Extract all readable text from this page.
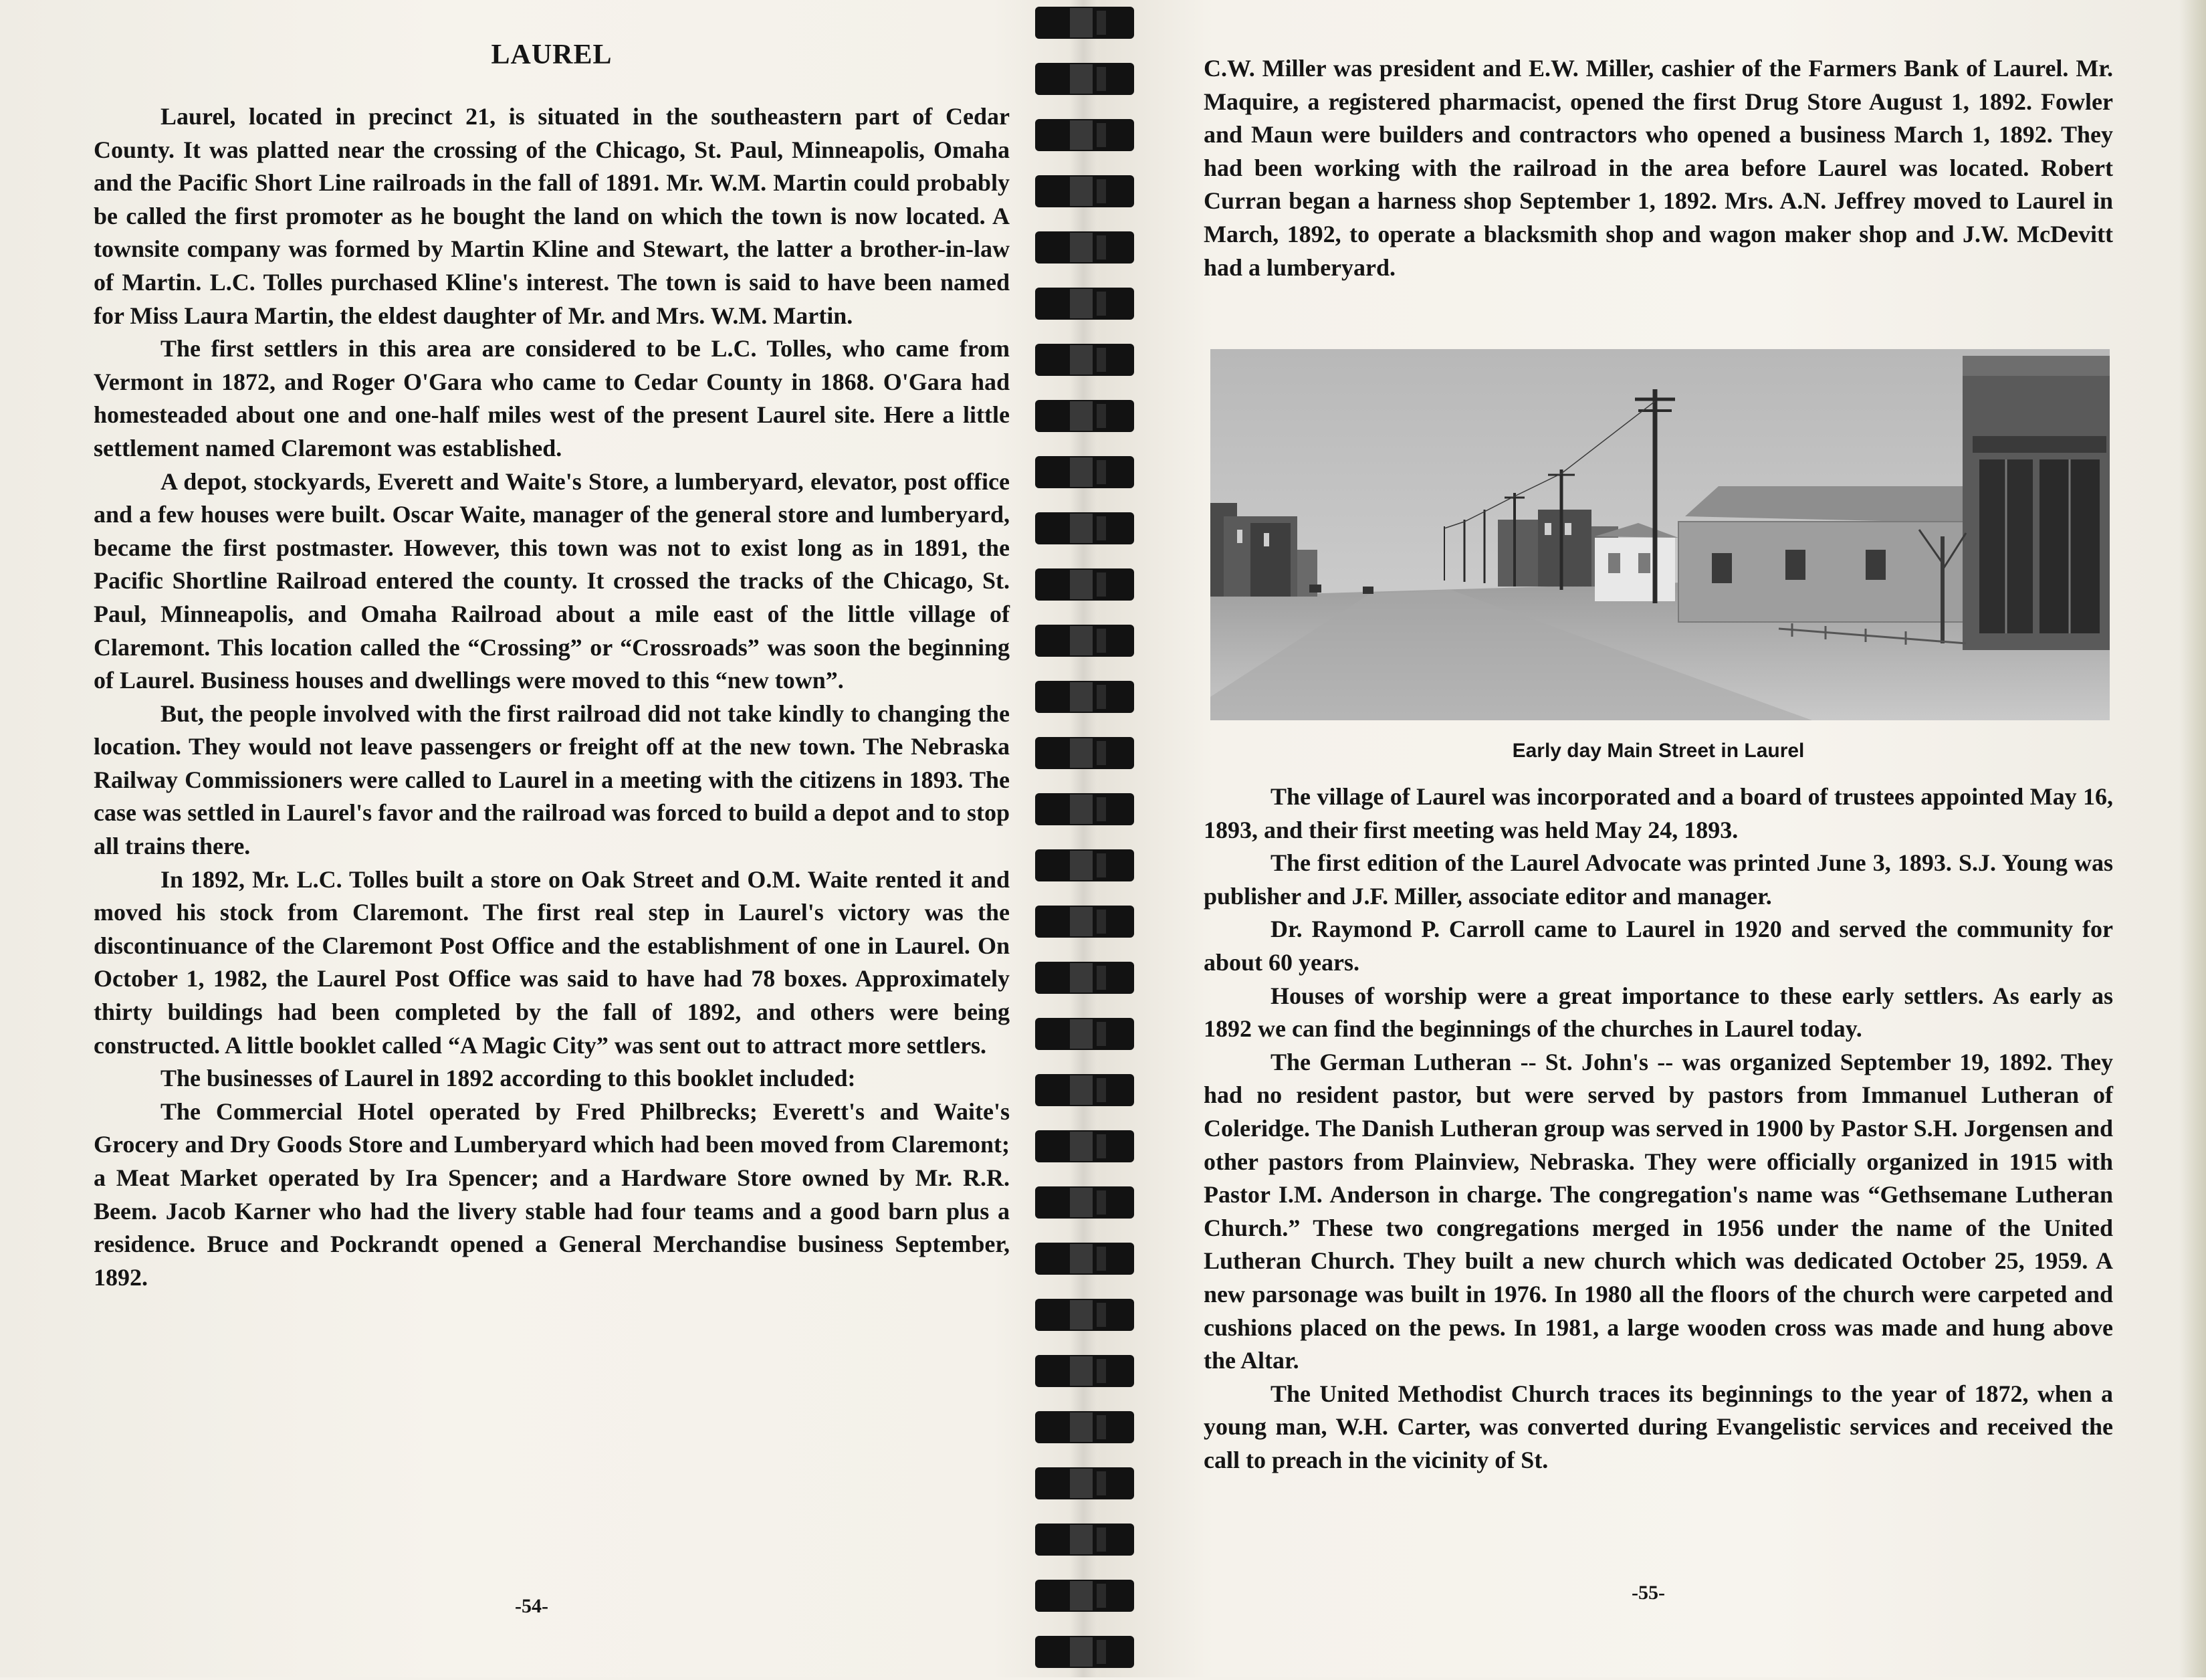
LAUREL

Laurel, located in precinct 21, is situated in the southeastern part of Cedar County. It was platted near the crossing of the Chicago, St. Paul, Minneapolis, Omaha and the Pacific Short Line railroads in the fall of 1891. Mr. W.M. Martin could probably be called the first promoter as he bought the land on which the town is now located. A townsite company was formed by Martin Kline and Stewart, the latter a brother-in-law of Martin. L.C. Tolles purchased Kline's interest. The town is said to have been named for Miss Laura Martin, the eldest daughter of Mr. and Mrs. W.M. Martin.

The first settlers in this area are considered to be L.C. Tolles, who came from Vermont in 1872, and Roger O'Gara who came to Cedar County in 1868. O'Gara had homesteaded about one and one-half miles west of the present Laurel site. Here a little settlement named Claremont was established.

A depot, stockyards, Everett and Waite's Store, a lumberyard, elevator, post office and a few houses were built. Oscar Waite, manager of the general store and lumberyard, became the first postmaster. However, this town was not to exist long as in 1891, the Pacific Shortline Railroad entered the county. It crossed the tracks of the Chicago, St. Paul, Minneapolis, and Omaha Railroad about a mile east of the little village of Claremont. This location called the “Crossing” or “Crossroads” was soon the beginning of Laurel. Business houses and dwellings were moved to this “new town”.

But, the people involved with the first railroad did not take kindly to changing the location. They would not leave passengers or freight off at the new town. The Nebraska Railway Commissioners were called to Laurel in a meeting with the citizens in 1893. The case was settled in Laurel's favor and the railroad was forced to build a depot and to stop all trains there.

In 1892, Mr. L.C. Tolles built a store on Oak Street and O.M. Waite rented it and moved his stock from Claremont. The first real step in Laurel's victory was the discontinuance of the Claremont Post Office and the establishment of one in Laurel. On October 1, 1982, the Laurel Post Office was said to have had 78 boxes. Approximately thirty buildings had been completed by the fall of 1892, and others were being constructed. A little booklet called “A Magic City” was sent out to attract more settlers.

The businesses of Laurel in 1892 according to this booklet included:

The Commercial Hotel operated by Fred Philbrecks; Everett's and Waite's Grocery and Dry Goods Store and Lumberyard which had been moved from Claremont; a Meat Market operated by Ira Spencer; and a Hardware Store owned by Mr. R.R. Beem. Jacob Karner who had the livery stable had four teams and a good barn plus a residence. Bruce and Pockrandt opened a General Merchandise business September, 1892.

-54-

C.W. Miller was president and E.W. Miller, cashier of the Farmers Bank of Laurel. Mr. Maquire, a registered pharmacist, opened the first Drug Store August 1, 1892. Fowler and Maun were builders and contractors who opened a business March 1, 1892. They had been working with the railroad in the area before Laurel was located. Robert Curran began a harness shop September 1, 1892. Mrs. A.N. Jeffrey moved to Laurel in March, 1892, to operate a blacksmith shop and wagon maker shop and J.W. McDevitt had a lumberyard.

Early day Main Street in Laurel

The village of Laurel was incorporated and a board of trustees appointed May 16, 1893, and their first meeting was held May 24, 1893.

The first edition of the Laurel Advocate was printed June 3, 1893. S.J. Young was publisher and J.F. Miller, associate editor and manager.

Dr. Raymond P. Carroll came to Laurel in 1920 and served the community for about 60 years.

Houses of worship were a great importance to these early settlers. As early as 1892 we can find the beginnings of the churches in Laurel today.

The German Lutheran -- St. John's -- was organized September 19, 1892. They had no resident pastor, but were served by pastors from Immanuel Lutheran of Coleridge. The Danish Lutheran group was served in 1900 by Pastor S.H. Jorgensen and other pastors from Plainview, Nebraska. They were officially organized in 1915 with Pastor I.M. Anderson in charge. The congregation's name was “Gethsemane Lutheran Church.” These two congregations merged in 1956 under the name of the United Lutheran Church. They built a new church which was dedicated October 25, 1959. A new parsonage was built in 1976. In 1980 all the floors of the church were carpeted and cushions placed on the pews. In 1981, a large wooden cross was made and hung above the Altar.

The United Methodist Church traces its beginnings to the year of 1872, when a young man, W.H. Carter, was converted during Evangelistic services and received the call to preach in the vicinity of St.

-55-
